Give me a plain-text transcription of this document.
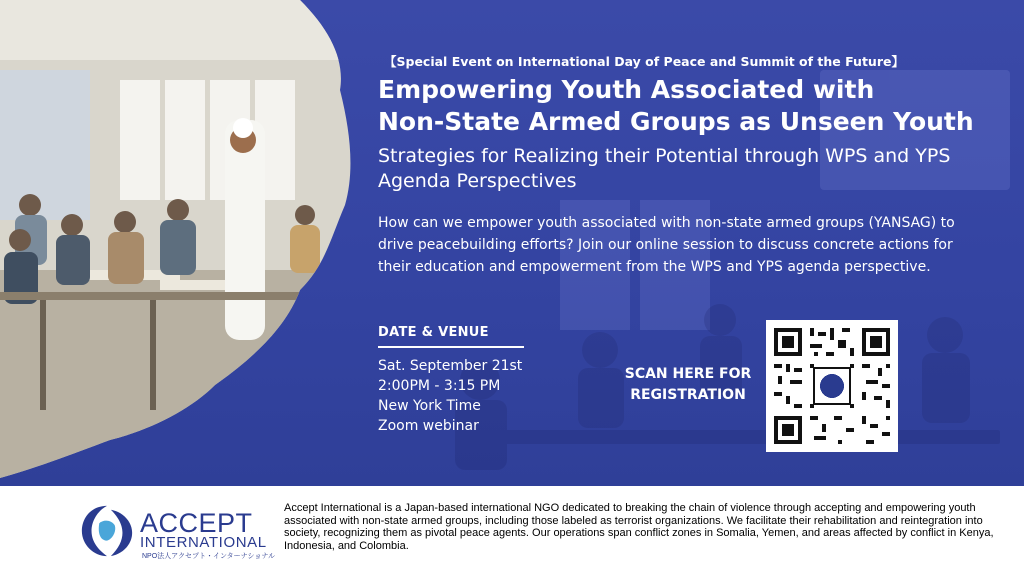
【Special Event on International Day of Peace and Summit of the Future】
Empowering Youth Associated with
Non-State Armed Groups as Unseen Youth
Strategies for Realizing their Potential through WPS and YPS Agenda Perspectives
How can we empower youth associated with non-state armed groups (YANSAG) to drive peacebuilding efforts? Join our online session to discuss concrete actions for their education and empowerment from the WPS and YPS agenda perspective.
DATE & VENUE
Sat. September 21st
2:00PM - 3:15 PM
New York Time
Zoom webinar
SCAN HERE FOR
REGISTRATION
ACCEPT
INTERNATIONAL
NPO法人アクセプト・インターナショナル
Accept International is a Japan-based international NGO dedicated to breaking the chain of violence through accepting and empowering youth associated with non-state armed groups, including those labeled as terrorist organizations. We facilitate their rehabilitation and reintegration into society, recognizing them as pivotal peace agents. Our operations span conflict zones in Somalia, Yemen, and areas affected by conflict in Kenya, Indonesia, and Colombia.
